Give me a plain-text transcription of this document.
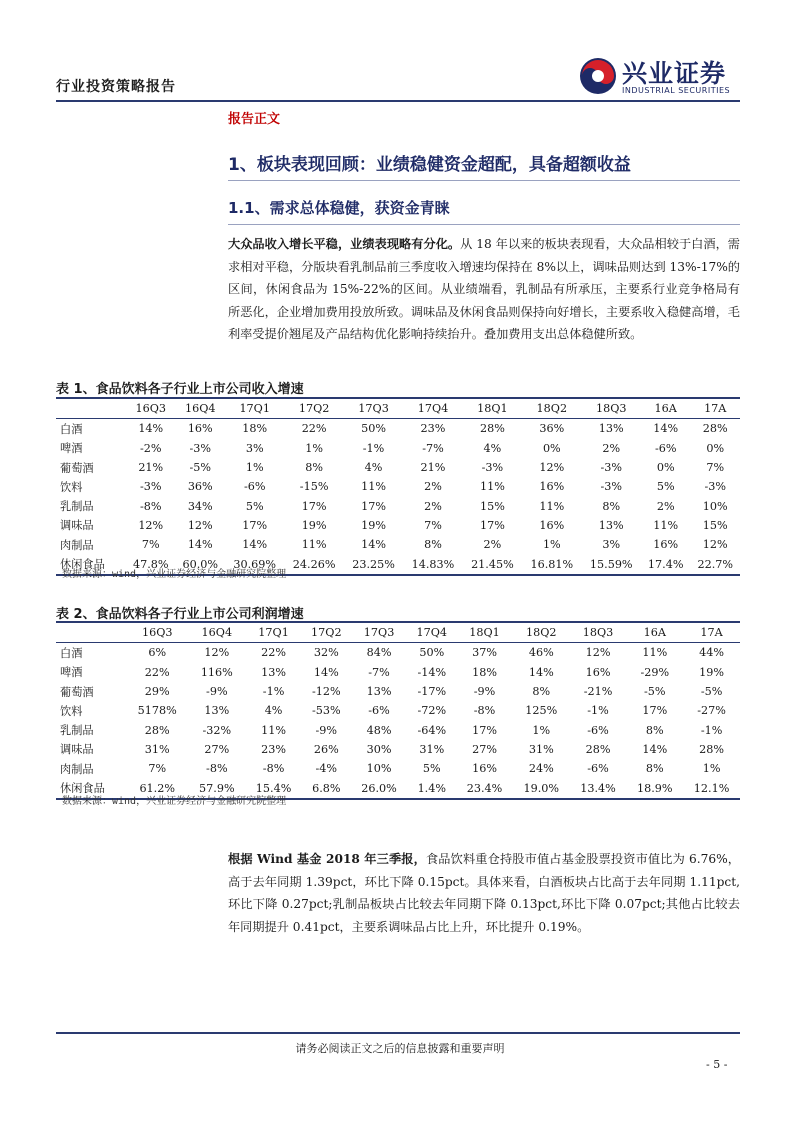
行业投资策略报告	兴业证券
INDUSTRIAL SECURITIES
报告正文
1、板块表现回顾：业绩稳健资金超配，具备超额收益
1.1、需求总体稳健，获资金青睐
大众品收入增长平稳，业绩表现略有分化。从 18 年以来的板块表现看，大众品相较于白酒，需求相对平稳，分版块看乳制品前三季度收入增速均保持在 8%以上，调味品则达到 13%-17%的区间，休闲食品为 15%-22%的区间。从业绩端看，乳制品有所承压，主要系行业竞争格局有所恶化，企业增加费用投放所致。调味品及休闲食品则保持向好增长，主要系收入稳健高增，毛利率受提价翘尾及产品结构优化影响持续抬升。叠加费用支出总体稳健所致。
表 1、食品饮料各子行业上市公司收入增速
	16Q3	16Q4	17Q1	17Q2	17Q3	17Q4	18Q1	18Q2	18Q3	16A	17A
白酒	14%	16%	18%	22%	50%	23%	28%	36%	13%	14%	28%
啤酒	-2%	-3%	3%	1%	-1%	-7%	4%	0%	2%	-6%	0%
葡萄酒	21%	-5%	1%	8%	4%	21%	-3%	12%	-3%	0%	7%
饮料	-3%	36%	-6%	-15%	11%	2%	11%	16%	-3%	5%	-3%
乳制品	-8%	34%	5%	17%	17%	2%	15%	11%	8%	2%	10%
调味品	12%	12%	17%	19%	19%	7%	17%	16%	13%	11%	15%
肉制品	7%	14%	14%	11%	14%	8%	2%	1%	3%	16%	12%
休闲食品	47.8%	60.0%	30.69%	24.26%	23.25%	14.83%	21.45%	16.81%	15.59%	17.4%	22.7%
数据来源：wind，兴业证券经济与金融研究院整理
表 2、食品饮料各子行业上市公司利润增速
	16Q3	16Q4	17Q1	17Q2	17Q3	17Q4	18Q1	18Q2	18Q3	16A	17A
白酒	6%	12%	22%	32%	84%	50%	37%	46%	12%	11%	44%
啤酒	22%	116%	13%	14%	-7%	-14%	18%	14%	16%	-29%	19%
葡萄酒	29%	-9%	-1%	-12%	13%	-17%	-9%	8%	-21%	-5%	-5%
饮料	5178%	13%	4%	-53%	-6%	-72%	-8%	125%	-1%	17%	-27%
乳制品	28%	-32%	11%	-9%	48%	-64%	17%	1%	-6%	8%	-1%
调味品	31%	27%	23%	26%	30%	31%	27%	31%	28%	14%	28%
肉制品	7%	-8%	-8%	-4%	10%	5%	16%	24%	-6%	8%	1%
休闲食品	61.2%	57.9%	15.4%	6.8%	26.0%	1.4%	23.4%	19.0%	13.4%	18.9%	12.1%
数据来源：wind，兴业证券经济与金融研究院整理
根据 Wind 基金 2018 年三季报，食品饮料重仓持股市值占基金股票投资市值比为 6.76%，高于去年同期 1.39pct，环比下降 0.15pct。具体来看，白酒板块占比高于去年同期 1.11pct,环比下降 0.27pct;乳制品板块占比较去年同期下降 0.13pct,环比下降 0.07pct;其他占比较去年同期提升 0.41pct，主要系调味品占比上升，环比提升 0.19%。
请务必阅读正文之后的信息披露和重要声明
- 5 -
